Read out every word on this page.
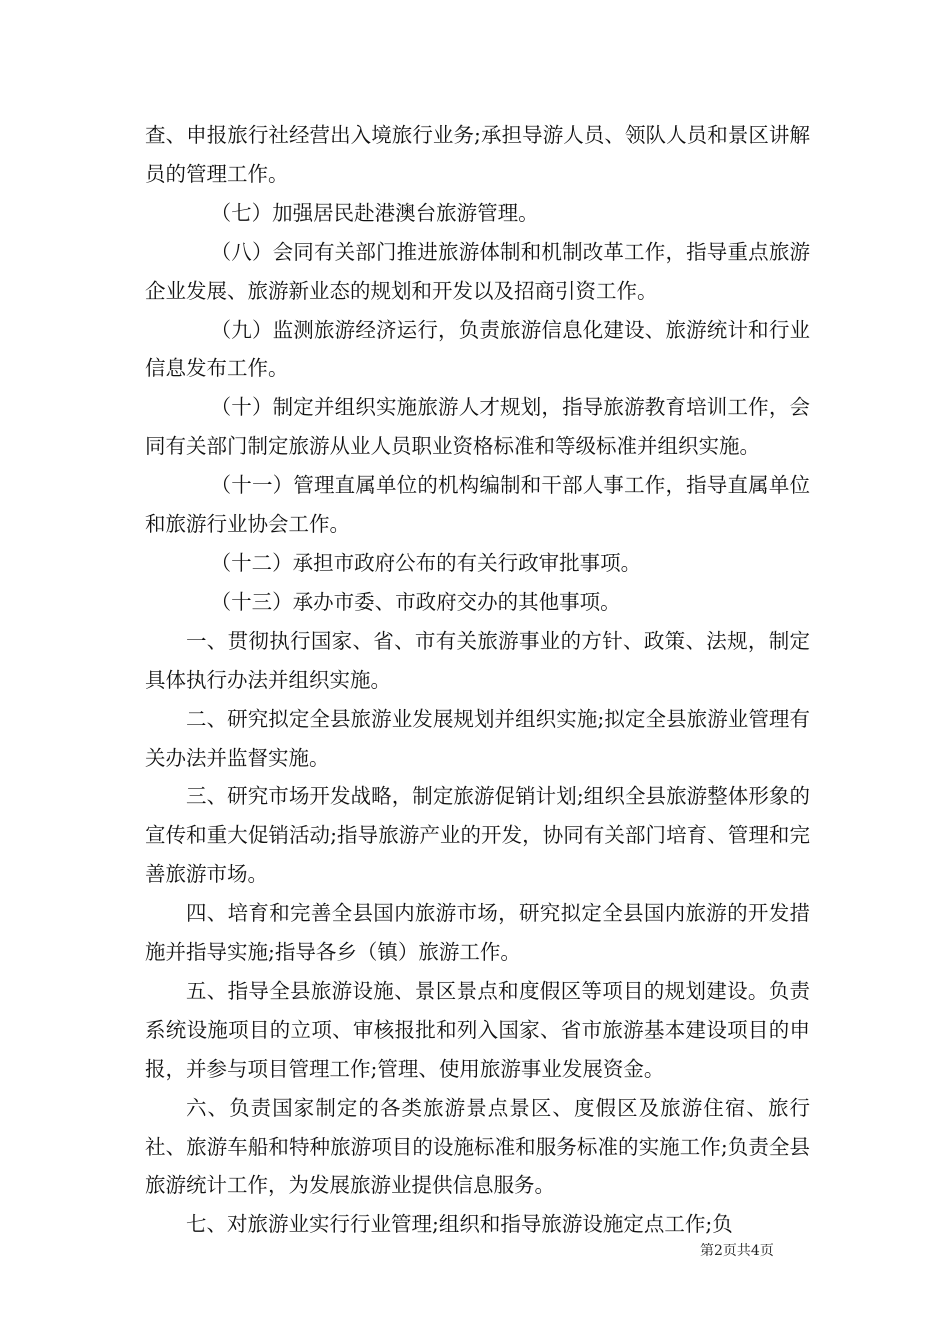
查、申报旅行社经营出入境旅行业务;承担导游人员、领队人员和景区讲解员的管理工作。

（七）加强居民赴港澳台旅游管理。

（八）会同有关部门推进旅游体制和机制改革工作，指导重点旅游企业发展、旅游新业态的规划和开发以及招商引资工作。

（九）监测旅游经济运行，负责旅游信息化建设、旅游统计和行业信息发布工作。

（十）制定并组织实施旅游人才规划，指导旅游教育培训工作，会同有关部门制定旅游从业人员职业资格标准和等级标准并组织实施。

（十一）管理直属单位的机构编制和干部人事工作，指导直属单位和旅游行业协会工作。

（十二）承担市政府公布的有关行政审批事项。

（十三）承办市委、市政府交办的其他事项。

一、贯彻执行国家、省、市有关旅游事业的方针、政策、法规，制定具体执行办法并组织实施。

二、研究拟定全县旅游业发展规划并组织实施;拟定全县旅游业管理有关办法并监督实施。

三、研究市场开发战略，制定旅游促销计划;组织全县旅游整体形象的宣传和重大促销活动;指导旅游产业的开发，协同有关部门培育、管理和完善旅游市场。

四、培育和完善全县国内旅游市场，研究拟定全县国内旅游的开发措施并指导实施;指导各乡（镇）旅游工作。

五、指导全县旅游设施、景区景点和度假区等项目的规划建设。负责系统设施项目的立项、审核报批和列入国家、省市旅游基本建设项目的申报，并参与项目管理工作;管理、使用旅游事业发展资金。

六、负责国家制定的各类旅游景点景区、度假区及旅游住宿、旅行社、旅游车船和特种旅游项目的设施标准和服务标准的实施工作;负责全县旅游统计工作，为发展旅游业提供信息服务。

七、对旅游业实行行业管理;组织和指导旅游设施定点工作;负

第2页共4页
